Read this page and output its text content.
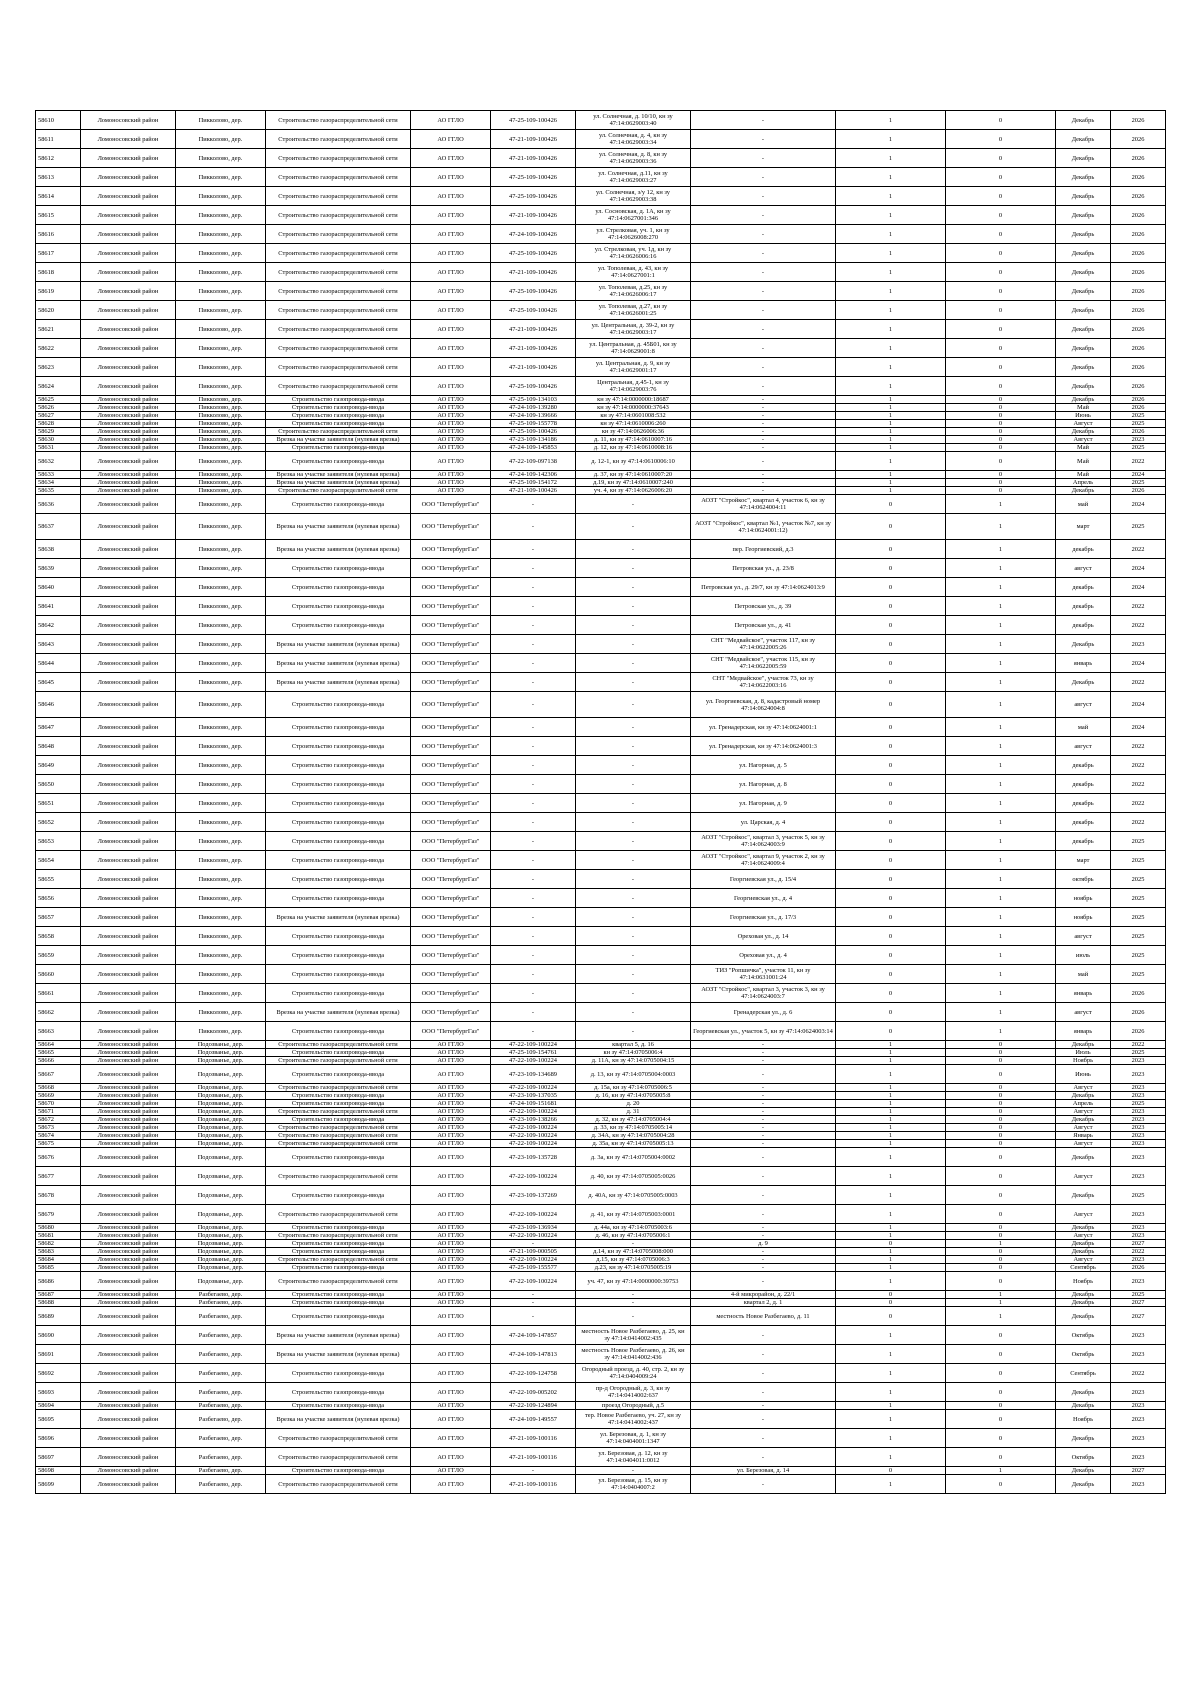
58610	Ломоносовский район	Пикколово, дер.	Строительство газораспределительной сети	АО ГГЛО	47-25-109-100426	ул. Солнечная, д. 10/10, кн зу 47:14:0629003:40	-	1	0	Декабрь	2026
58611	Ломоносовский район	Пикколово, дер.	Строительство газораспределительной сети	АО ГГЛО	47-21-109-100426	ул. Солнечная, д. 4, кн зу 47:14:0629003:34	-	1	0	Декабрь	2026
58612	Ломоносовский район	Пикколово, дер.	Строительство газораспределительной сети	АО ГГЛО	47-21-109-100426	ул. Солнечная, д. 8, кн зу 47:14:0629003:36	-	1	0	Декабрь	2026
58613	Ломоносовский район	Пикколово, дер.	Строительство газораспределительной сети	АО ГГЛО	47-25-109-100426	ул. Солнечная, д.11, кн зу 47:14:0629003:27	-	1	0	Декабрь	2026
58614	Ломоносовский район	Пикколово, дер.	Строительство газораспределительной сети	АО ГГЛО	47-25-109-100426	ул. Солнечная, з/у 12, кн зу 47:14:0629003:38	-	1	0	Декабрь	2026
58615	Ломоносовский район	Пикколово, дер.	Строительство газораспределительной сети	АО ГГЛО	47-21-109-100426	ул. Сосновская, д. 1А, кн зу 47:14:0627001:346	-	1	0	Декабрь	2026
58616	Ломоносовский район	Пикколово, дер.	Строительство газораспределительной сети	АО ГГЛО	47-24-109-100426	ул. Стрелковая, уч. 1, кн зу 47:14:0626008:270	-	1	0	Декабрь	2026
58617	Ломоносовский район	Пикколово, дер.	Строительство газораспределительной сети	АО ГГЛО	47-25-109-100426	ул. Стрелковая, уч. 1д, кн зу 47:14:0626006:16	-	1	0	Декабрь	2026
58618	Ломоносовский район	Пикколово, дер.	Строительство газораспределительной сети	АО ГГЛО	47-21-109-100426	ул. Тополевая, д. 43, кн зу 47:14:0627001:1	-	1	0	Декабрь	2026
58619	Ломоносовский район	Пикколово, дер.	Строительство газораспределительной сети	АО ГГЛО	47-25-109-100426	ул. Тополевая, д.25, кн зу 47:14:0626006:17	-	1	0	Декабрь	2026
58620	Ломоносовский район	Пикколово, дер.	Строительство газораспределительной сети	АО ГГЛО	47-25-109-100426	ул. Тополевая, д.27, кн зу 47:14:0626001:25	-	1	0	Декабрь	2026
58621	Ломоносовский район	Пикколово, дер.	Строительство газораспределительной сети	АО ГГЛО	47-21-109-100426	ул. Центральная, д. 39-2, кн зу 47:14:0629003:17	-	1	0	Декабрь	2026
58622	Ломоносовский район	Пикколово, дер.	Строительство газораспределительной сети	АО ГГЛО	47-21-109-100426	ул. Центральная, д. 45Б01, кн зу 47:14:0629001:8	-	1	0	Декабрь	2026
58623	Ломоносовский район	Пикколово, дер.	Строительство газораспределительной сети	АО ГГЛО	47-21-109-100426	ул. Центральная, д. 9, кн зу 47:14:0629001:17	-	1	0	Декабрь	2026
58624	Ломоносовский район	Пикколово, дер.	Строительство газораспределительной сети	АО ГГЛО	47-25-109-100426	Центральная, д.45-1, кн зу 47:14:0629003:76	-	1	0	Декабрь	2026
58625	Ломоносовский район	Пикколово, дер.	Строительство газопровода-ввода	АО ГГЛО	47-25-109-134103	кн зу 47:14:0000000:18687	-	1	0	Декабрь	2026
58626	Ломоносовский район	Пикколово, дер.	Строительство газопровода-ввода	АО ГГЛО	47-24-109-139280	кн зу 47:14:0000000:37643	-	1	0	Май	2026
58627	Ломоносовский район	Пикколово, дер.	Строительство газопровода-ввода	АО ГГЛО	47-24-109-139666	кн зу 47:14:0601008:532	-	1	0	Июнь	2025
58628	Ломоносовский район	Пикколово, дер.	Строительство газопровода-ввода	АО ГГЛО	47-25-109-155778	кн зу 47:14:0610006:260	-	1	0	Август	2025
58629	Ломоносовский район	Пикколово, дер.	Строительство газораспределительной сети	АО ГГЛО	47-25-109-100426	кн зу 47:14:0626006:36	-	1	0	Декабрь	2026
58630	Ломоносовский район	Пикколово, дер.	Врезка на участке заявителя (нулевая врезка)	АО ГГЛО	47-23-109-134186	д. 11, кн зу 47:14:0610007:16	-	1	0	Август	2023
58631	Ломоносовский район	Пикколово, дер.	Строительство газопровода-ввода	АО ГГЛО	47-24-109-145853	д. 12, кн зу 47:14:0610008:16	-	1	0	Май	2025
58632	Ломоносовский район	Пикколово, дер.	Строительство газопровода-ввода	АО ГГЛО	47-22-109-097138	д. 12-1, кн зу 47:14:0610006:10	-	1	0	Май	2022
58633	Ломоносовский район	Пикколово, дер.	Врезка на участке заявителя (нулевая врезка)	АО ГГЛО	47-24-109-142306	д. 37, кн зу 47:14:0610007:20	-	1	0	Май	2024
58634	Ломоносовский район	Пикколово, дер.	Врезка на участке заявителя (нулевая врезка)	АО ГГЛО	47-25-109-154172	д.19, кн зу 47:14:0610007:240	-	1	0	Апрель	2025
58635	Ломоносовский район	Пикколово, дер.	Строительство газораспределительной сети	АО ГГЛО	47-21-109-100426	уч. 4, кн зу 47:14:0626006:20	-	1	0	Декабрь	2026
58636	Ломоносовский район	Пикколово, дер.	Строительство газопровода-ввода	ООО "ПетербургГаз"	-	-	АОЗТ "Стройкос", квартал 4, участок 6, кн зу 47:14:0624004:11	0	1	май	2024
58637	Ломоносовский район	Пикколово, дер.	Врезка на участке заявителя (нулевая врезка)	ООО "ПетербургГаз"	-	-	АОЗТ "Стройкос", квартал №1, участок №7, кн зу 47:14:0624001:12)	0	1	март	2025
58638	Ломоносовский район	Пикколово, дер.	Врезка на участке заявителя (нулевая врезка)	ООО "ПетербургГаз"	-	-	пер. Георгиевский, д.3	0	1	декабрь	2022
58639	Ломоносовский район	Пикколово, дер.	Строительство газопровода-ввода	ООО "ПетербургГаз"	-	-	Петровская ул., д. 23/8	0	1	август	2024
58640	Ломоносовский район	Пикколово, дер.	Строительство газопровода-ввода	ООО "ПетербургГаз"	-	-	Петровская ул., д. 29/7, кн зу 47:14:0624013:9	0	1	декабрь	2024
58641	Ломоносовский район	Пикколово, дер.	Строительство газопровода-ввода	ООО "ПетербургГаз"	-	-	Петровская ул., д. 39	0	1	декабрь	2022
58642	Ломоносовский район	Пикколово, дер.	Строительство газопровода-ввода	ООО "ПетербургГаз"	-	-	Петровская ул., д. 41	0	1	декабрь	2022
58643	Ломоносовский район	Пикколово, дер.	Врезка на участке заявителя (нулевая врезка)	ООО "ПетербургГаз"	-	-	СНТ "Медвайское", участок 117, кн зу 47:14:0622005:26	0	1	Декабрь	2023
58644	Ломоносовский район	Пикколово, дер.	Врезка на участке заявителя (нулевая врезка)	ООО "ПетербургГаз"	-	-	СНТ "Медвайское", участок 115, кн зу 47:14:0622005:59	0	1	январь	2024
58645	Ломоносовский район	Пикколово, дер.	Врезка на участке заявителя (нулевая врезка)	ООО "ПетербургГаз"	-	-	СНТ "Медвайское", участок 73, кн зу 47:14:0622003:16	0	1	Декабрь	2022
58646	Ломоносовский район	Пикколово, дер.	Строительство газопровода-ввода	ООО "ПетербургГаз"	-	-	ул. Георгиевская, д. 8, кадастровый номер 47:14:0624004:8	0	1	август	2024
58647	Ломоносовский район	Пикколово, дер.	Строительство газопровода-ввода	ООО "ПетербургГаз"	-	-	ул. Гренадерская, кн зу 47:14:0624001:1	0	1	май	2024
58648	Ломоносовский район	Пикколово, дер.	Строительство газопровода-ввода	ООО "ПетербургГаз"	-	-	ул. Гренадерская, кн зу 47:14:0624001:3	0	1	август	2022
58649	Ломоносовский район	Пикколово, дер.	Строительство газопровода-ввода	ООО "ПетербургГаз"	-	-	ул. Нагорная, д. 5	0	1	декабрь	2022
58650	Ломоносовский район	Пикколово, дер.	Строительство газопровода-ввода	ООО "ПетербургГаз"	-	-	ул. Нагорная, д. 8	0	1	декабрь	2022
58651	Ломоносовский район	Пикколово, дер.	Строительство газопровода-ввода	ООО "ПетербургГаз"	-	-	ул. Нагорная, д. 9	0	1	декабрь	2022
58652	Ломоносовский район	Пикколово, дер.	Строительство газопровода-ввода	ООО "ПетербургГаз"	-	-	ул. Царская, д. 4	0	1	декабрь	2022
58653	Ломоносовский район	Пикколово, дер.	Строительство газопровода-ввода	ООО "ПетербургГаз"	-	-	АОЗТ "Стройкос", квартал 3, участок 5, кн зу 47:14:0624003:9	0	1	декабрь	2025
58654	Ломоносовский район	Пикколово, дер.	Строительство газопровода-ввода	ООО "ПетербургГаз"	-	-	АОЗТ "Стройкос", квартал 9, участок 2, кн зу 47:14:0624009:4	0	1	март	2025
58655	Ломоносовский район	Пикколово, дер.	Строительство газопровода-ввода	ООО "ПетербургГаз"	-	-	Георгиевская ул., д. 15/4	0	1	октябрь	2025
58656	Ломоносовский район	Пикколово, дер.	Строительство газопровода-ввода	ООО "ПетербургГаз"	-	-	Георгиевская ул., д. 4	0	1	ноябрь	2025
58657	Ломоносовский район	Пикколово, дер.	Врезка на участке заявителя (нулевая врезка)	ООО "ПетербургГаз"	-	-	Георгиевская ул., д. 17/3	0	1	ноябрь	2025
58658	Ломоносовский район	Пикколово, дер.	Строительство газопровода-ввода	ООО "ПетербургГаз"	-	-	Ореховая ул., д. 14	0	1	август	2025
58659	Ломоносовский район	Пикколово, дер.	Строительство газопровода-ввода	ООО "ПетербургГаз"	-	-	Ореховая ул., д. 4	0	1	июль	2025
58660	Ломоносовский район	Пикколово, дер.	Строительство газопровода-ввода	ООО "ПетербургГаз"	-	-	ТИЗ "Ропшичка", участок 11, кн зу 47:14:0631001:24	0	1	май	2025
58661	Ломоносовский район	Пикколово, дер.	Строительство газопровода-ввода	ООО "ПетербургГаз"	-	-	АОЗТ "Стройкос", квартал 3, участок 3, кн зу 47:14:0624003:7	0	1	январь	2026
58662	Ломоносовский район	Пикколово, дер.	Врезка на участке заявителя (нулевая врезка)	ООО "ПетербургГаз"	-	-	Гренадерская ул., д. 6	0	1	август	2026
58663	Ломоносовский район	Пикколово, дер.	Строительство газопровода-ввода	ООО "ПетербургГаз"	-	-	Георгиевская ул., участок 5, кн зу 47:14:0624003:14	0	1	январь	2026
58664	Ломоносовский район	Подозванье, дер.	Строительство газораспределительной сети	АО ГГЛО	47-22-109-100224	квартал 5, д. 16	-	1	0	Декабрь	2022
58665	Ломоносовский район	Подозванье, дер.	Строительство газопровода-ввода	АО ГГЛО	47-25-109-154761	кн зу 47:14:0705006:4	-	1	0	Июль	2025
58666	Ломоносовский район	Подозванье, дер.	Строительство газораспределительной сети	АО ГГЛО	47-22-109-100224	д. 11А, кн зу 47:14:0705004:15	-	1	0	Ноябрь	2023
58667	Ломоносовский район	Подозванье, дер.	Строительство газопровода-ввода	АО ГГЛО	47-23-109-134689	д. 13, кн зу 47:14:0705004:0003	-	1	0	Июнь	2023
58668	Ломоносовский район	Подозванье, дер.	Строительство газораспределительной сети	АО ГГЛО	47-22-109-100224	д. 15а, кн зу 47:14:0705006:5	-	1	0	Август	2023
58669	Ломоносовский район	Подозванье, дер.	Строительство газопровода-ввода	АО ГГЛО	47-23-109-137035	д. 16, кн зу 47:14:0705005:8	-	1	0	Декабрь	2023
58670	Ломоносовский район	Подозванье, дер.	Строительство газопровода-ввода	АО ГГЛО	47-24-109-151681	д. 20	-	1	0	Апрель	2025
58671	Ломоносовский район	Подозванье, дер.	Строительство газораспределительной сети	АО ГГЛО	47-22-109-100224	д. 31	-	1	0	Август	2023
58672	Ломоносовский район	Подозванье, дер.	Строительство газопровода-ввода	АО ГГЛО	47-23-109-138266	д. 32, кн зу 47:14:0705004:4	-	1	0	Декабрь	2023
58673	Ломоносовский район	Подозванье, дер.	Строительство газораспределительной сети	АО ГГЛО	47-22-109-100224	д. 33, кн зу 47:14:0705005:14	-	1	0	Август	2023
58674	Ломоносовский район	Подозванье, дер.	Строительство газораспределительной сети	АО ГГЛО	47-22-109-100224	д. 34А, кн зу 47:14:0705004:28	-	1	0	Январь	2023
58675	Ломоносовский район	Подозванье, дер.	Строительство газораспределительной сети	АО ГГЛО	47-22-109-100224	д. 35а, кн зу 47:14:0705005:13	-	1	0	Август	2023
58676	Ломоносовский район	Подозванье, дер.	Строительство газопровода-ввода	АО ГГЛО	47-23-109-135728	д. 3а, кн зу 47:14:0705004:0002	-	1	0	Декабрь	2023
58677	Ломоносовский район	Подозванье, дер.	Строительство газораспределительной сети	АО ГГЛО	47-22-109-100224	д. 40, кн зу 47:14:0705005:0026	-	1	0	Август	2023
58678	Ломоносовский район	Подозванье, дер.	Строительство газопровода-ввода	АО ГГЛО	47-23-109-137269	д. 40А, кн зу 47:14:0705005:0003	-	1	0	Декабрь	2025
58679	Ломоносовский район	Подозванье, дер.	Строительство газораспределительной сети	АО ГГЛО	47-22-109-100224	д. 41, кн зу 47:14:0705003:0001	-	1	0	Август	2023
58680	Ломоносовский район	Подозванье, дер.	Строительство газопровода-ввода	АО ГГЛО	47-23-109-136934	д. 44а, кн зу 47:14:0705003:6	-	1	0	Декабрь	2023
58681	Ломоносовский район	Подозванье, дер.	Строительство газораспределительной сети	АО ГГЛО	47-22-109-100224	д. 46, кн зу 47:14:0705006:1	-	1	0	Август	2023
58682	Ломоносовский район	Подозванье, дер.	Строительство газопровода-ввода	АО ГГЛО	-	-	д. 9	0	1	Декабрь	2027
58683	Ломоносовский район	Подозванье, дер.	Строительство газопровода-ввода	АО ГГЛО	47-21-109-000505	д.14, кн зу 47:14:0705008:000	-	1	0	Декабрь	2022
58684	Ломоносовский район	Подозванье, дер.	Строительство газораспределительной сети	АО ГГЛО	47-22-109-100224	д.15, кн зу 47:14:0705006:3	-	1	0	Август	2023
58685	Ломоносовский район	Подозванье, дер.	Строительство газопровода-ввода	АО ГГЛО	47-25-109-155577	д.23, кн зу 47:14:0705005:19	-	1	0	Сентябрь	2026
58686	Ломоносовский район	Подозванье, дер.	Строительство газораспределительной сети	АО ГГЛО	47-22-109-100224	уч. 47, кн зу 47:14:0000000:39753	-	1	0	Ноябрь	2023
58687	Ломоносовский район	Разбегаево, дер.	Строительство газопровода-ввода	АО ГГЛО	-	-	4-й микрорайон, д. 22/1	0	1	Декабрь	2025
58688	Ломоносовский район	Разбегаево, дер.	Строительство газопровода-ввода	АО ГГЛО	-	-	квартал 2, д. 1	0	1	Декабрь	2027
58689	Ломоносовский район	Разбегаево, дер.	Строительство газопровода-ввода	АО ГГЛО	-	-	местность Новое Разбегаево, д. 11	0	1	Декабрь	2027
58690	Ломоносовский район	Разбегаево, дер.	Врезка на участке заявителя (нулевая врезка)	АО ГГЛО	47-24-109-147857	местность Новое Разбегаево, д. 25, кн зу 47:14:0414002:435	-	1	0	Октябрь	2023
58691	Ломоносовский район	Разбегаево, дер.	Врезка на участке заявителя (нулевая врезка)	АО ГГЛО	47-24-109-147813	местность Новое Разбегаево, д. 26, кн зу 47:14:0414002:436	-	1	0	Октябрь	2023
58692	Ломоносовский район	Разбегаево, дер.	Строительство газопровода-ввода	АО ГГЛО	47-22-109-124758	Огородный проезд, д. 40, стр. 2, кн зу 47:14:0404009:24	-	1	0	Сентябрь	2022
58693	Ломоносовский район	Разбегаево, дер.	Строительство газопровода-ввода	АО ГГЛО	47-22-109-005202	пр-д Огородный, д. 3, кн зу 47:14:0414002:637	-	1	0	Декабрь	2023
58694	Ломоносовский район	Разбегаево, дер.	Строительство газопровода-ввода	АО ГГЛО	47-22-109-124894	проезд Огородный, д.5	-	1	0	Декабрь	2023
58695	Ломоносовский район	Разбегаево, дер.	Врезка на участке заявителя (нулевая врезка)	АО ГГЛО	47-24-109-149557	тер. Новое Разбегаево, уч. 27, кн зу 47:14:0414002:437	-	1	0	Ноябрь	2023
58696	Ломоносовский район	Разбегаево, дер.	Строительство газораспределительной сети	АО ГГЛО	47-21-109-100116	ул. Березовая, д. 1, кн зу 47:14:0404001:1347	-	1	0	Декабрь	2023
58697	Ломоносовский район	Разбегаево, дер.	Строительство газораспределительной сети	АО ГГЛО	47-21-109-100116	ул. Березовая, д. 12, кн зу 47:14:0404011:0012	-	1	0	Октябрь	2023
58698	Ломоносовский район	Разбегаево, дер.	Строительство газопровода-ввода	АО ГГЛО	-	-	ул. Березовая, д. 14	0	1	Декабрь	2027
58699	Ломоносовский район	Разбегаево, дер.	Строительство газораспределительной сети	АО ГГЛО	47-21-109-100116	ул. Березовая, д. 15, кн зу 47:14:0404007:2	-	1	0	Декабрь	2023
